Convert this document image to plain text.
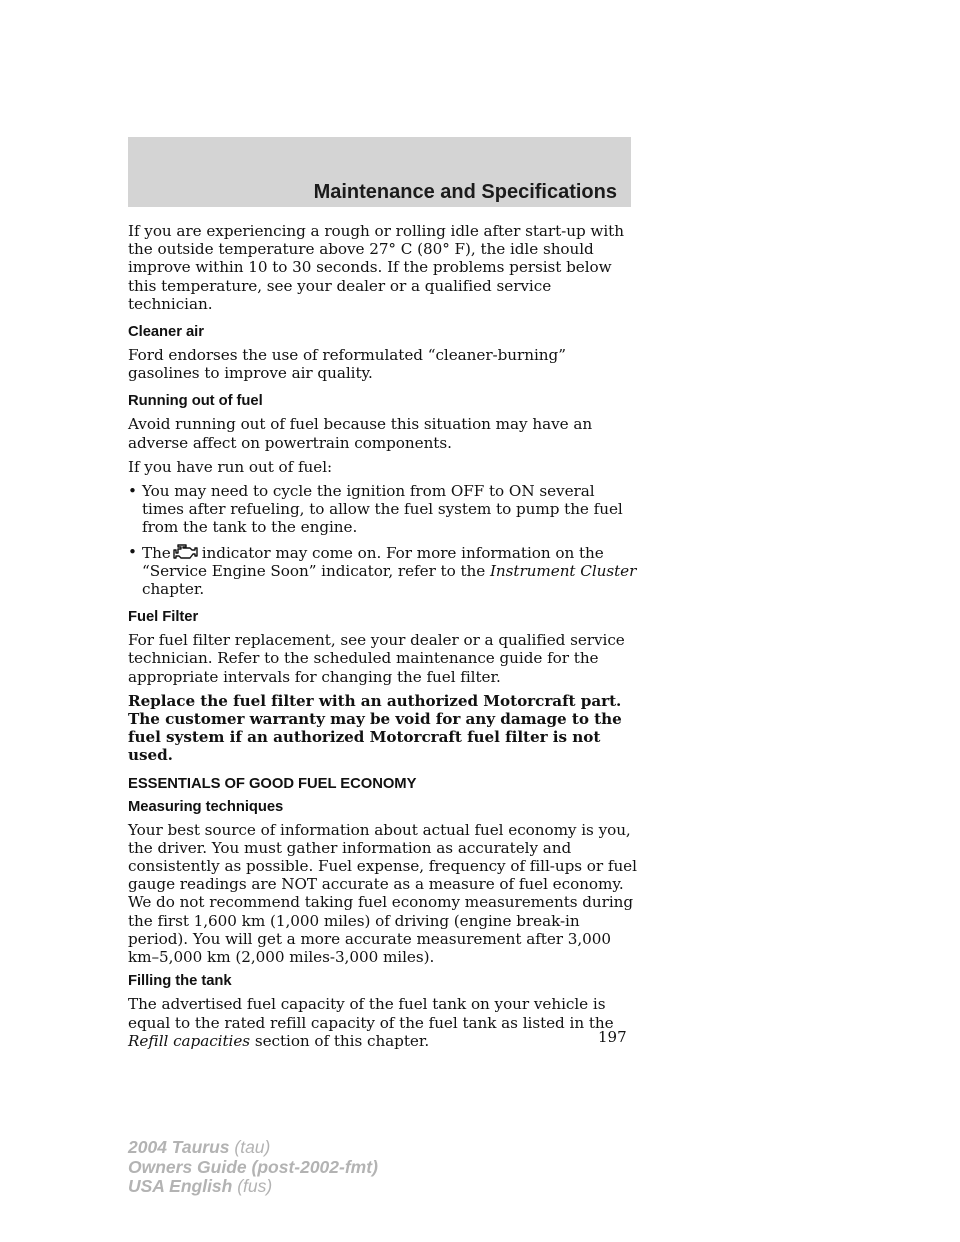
Maintenance and Specifications

If you are experiencing a rough or rolling idle after start-up with the outside temperature above 27° C (80° F), the idle should improve within 10 to 30 seconds. If the problems persist below this temperature, see your dealer or a qualified service technician.

Cleaner air

Ford endorses the use of reformulated “cleaner-burning” gasolines to improve air quality.

Running out of fuel

Avoid running out of fuel because this situation may have an adverse affect on powertrain components.

If you have run out of fuel:

• You may need to cycle the ignition from OFF to ON several times after refueling, to allow the fuel system to pump the fuel from the tank to the engine.
• The indicator may come on. For more information on the “Service Engine Soon” indicator, refer to the Instrument Cluster chapter.
Fuel Filter

For fuel filter replacement, see your dealer or a qualified service technician. Refer to the scheduled maintenance guide for the appropriate intervals for changing the fuel filter.

Replace the fuel filter with an authorized Motorcraft part. The customer warranty may be void for any damage to the fuel system if an authorized Motorcraft fuel filter is not used.

ESSENTIALS OF GOOD FUEL ECONOMY
Measuring techniques

Your best source of information about actual fuel economy is you, the driver. You must gather information as accurately and consistently as possible. Fuel expense, frequency of fill-ups or fuel gauge readings are NOT accurate as a measure of fuel economy. We do not recommend taking fuel economy measurements during the first 1,600 km (1,000 miles) of driving (engine break-in period). You will get a more accurate measurement after 3,000 km–5,000 km (2,000 miles-3,000 miles).

Filling the tank

The advertised fuel capacity of the fuel tank on your vehicle is equal to the rated refill capacity of the fuel tank as listed in the Refill capacities section of this chapter.	197
2004 Taurus (tau)
Owners Guide (post-2002-fmt)
USA English (fus)
